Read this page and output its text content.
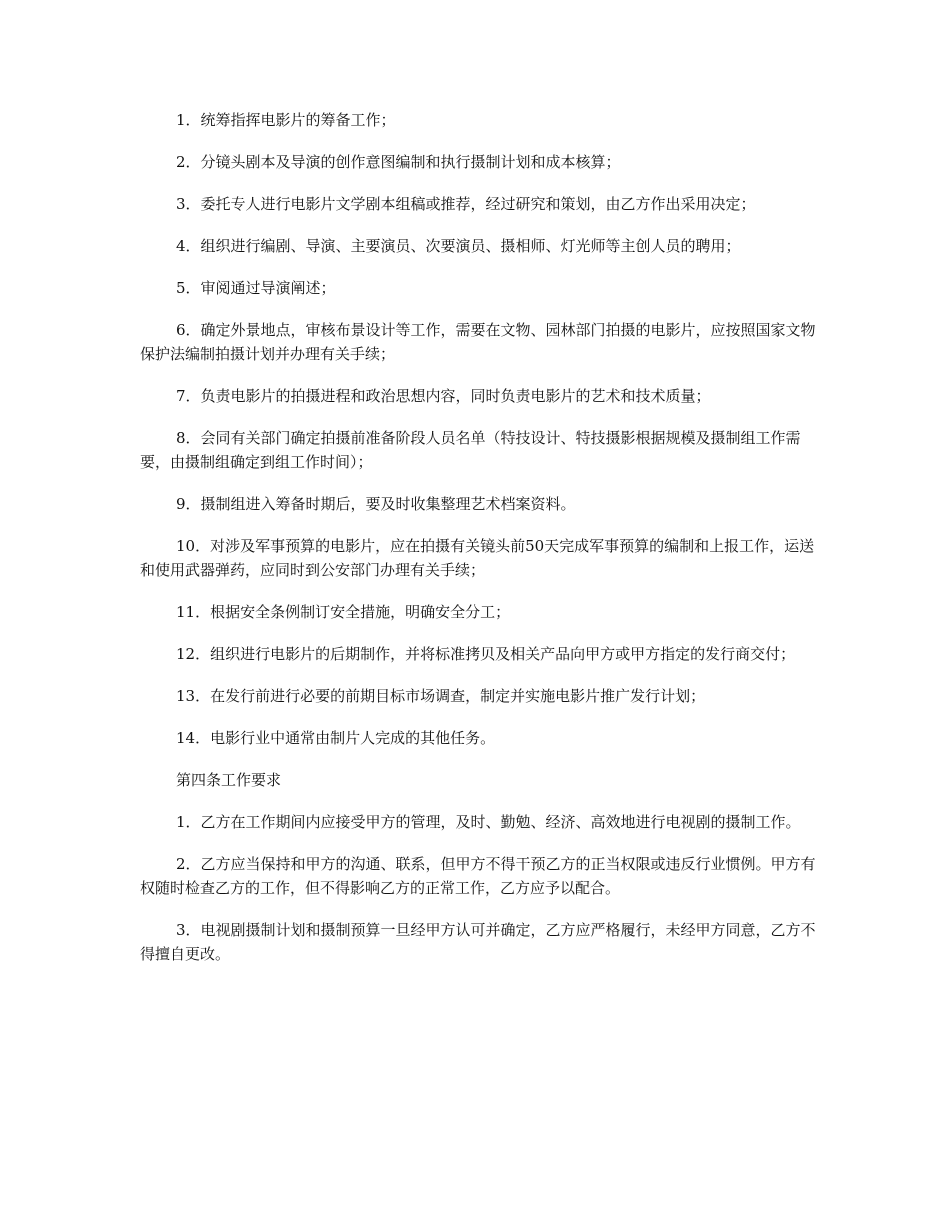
1．统筹指挥电影片的筹备工作；

2．分镜头剧本及导演的创作意图编制和执行摄制计划和成本核算；

3．委托专人进行电影片文学剧本组稿或推荐，经过研究和策划，由乙方作出采用决定；

4．组织进行编剧、导演、主要演员、次要演员、摄相师、灯光师等主创人员的聘用；

5．审阅通过导演阐述；

6．确定外景地点，审核布景设计等工作，需要在文物、园林部门拍摄的电影片，应按照国家文物保护法编制拍摄计划并办理有关手续；

7．负责电影片的拍摄进程和政治思想内容，同时负责电影片的艺术和技术质量；

8．会同有关部门确定拍摄前准备阶段人员名单（特技设计、特技摄影根据规模及摄制组工作需要，由摄制组确定到组工作时间）；

9．摄制组进入筹备时期后，要及时收集整理艺术档案资料。

10．对涉及军事预算的电影片，应在拍摄有关镜头前50天完成军事预算的编制和上报工作，运送和使用武器弹药，应同时到公安部门办理有关手续；

11．根据安全条例制订安全措施，明确安全分工；

12．组织进行电影片的后期制作，并将标准拷贝及相关产品向甲方或甲方指定的发行商交付；

13．在发行前进行必要的前期目标市场调查，制定并实施电影片推广发行计划；

14．电影行业中通常由制片人完成的其他任务。

第四条工作要求

1．乙方在工作期间内应接受甲方的管理，及时、勤勉、经济、高效地进行电视剧的摄制工作。

2．乙方应当保持和甲方的沟通、联系，但甲方不得干预乙方的正当权限或违反行业惯例。甲方有权随时检查乙方的工作，但不得影响乙方的正常工作，乙方应予以配合。

3．电视剧摄制计划和摄制预算一旦经甲方认可并确定，乙方应严格履行，未经甲方同意，乙方不得擅自更改。
